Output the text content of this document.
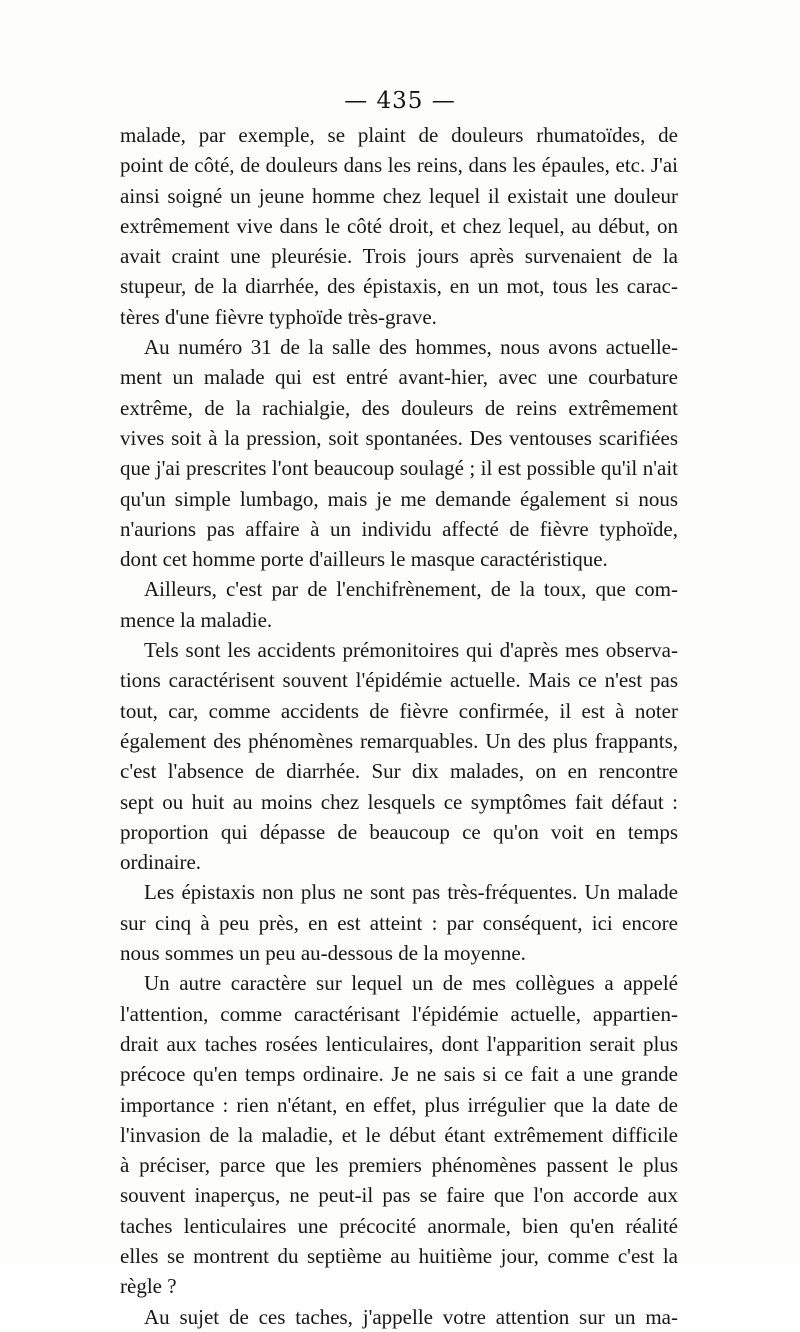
— 435 —
malade, par exemple, se plaint de douleurs rhumatoïdes, de
point de côté, de douleurs dans les reins, dans les épaules, etc. J'ai
ainsi soigné un jeune homme chez lequel il existait une douleur
extrêmement vive dans le côté droit, et chez lequel, au début, on
avait craint une pleurésie. Trois jours après survenaient de la
stupeur, de la diarrhée, des épistaxis, en un mot, tous les carac-
tères d'une fièvre typhoïde très-grave.
Au numéro 31 de la salle des hommes, nous avons actuelle-
ment un malade qui est entré avant-hier, avec une courbature
extrême, de la rachialgie, des douleurs de reins extrêmement
vives soit à la pression, soit spontanées. Des ventouses scarifiées
que j'ai prescrites l'ont beaucoup soulagé ; il est possible qu'il n'ait
qu'un simple lumbago, mais je me demande également si nous
n'aurions pas affaire à un individu affecté de fièvre typhoïde,
dont cet homme porte d'ailleurs le masque caractéristique.
Ailleurs, c'est par de l'enchifrènement, de la toux, que com-
mence la maladie.
Tels sont les accidents prémonitoires qui d'après mes observa-
tions caractérisent souvent l'épidémie actuelle. Mais ce n'est pas
tout, car, comme accidents de fièvre confirmée, il est à noter
également des phénomènes remarquables. Un des plus frappants,
c'est l'absence de diarrhée. Sur dix malades, on en rencontre
sept ou huit au moins chez lesquels ce symptômes fait défaut :
proportion qui dépasse de beaucoup ce qu'on voit en temps
ordinaire.
Les épistaxis non plus ne sont pas très-fréquentes. Un malade
sur cinq à peu près, en est atteint : par conséquent, ici encore
nous sommes un peu au-dessous de la moyenne.
Un autre caractère sur lequel un de mes collègues a appelé
l'attention, comme caractérisant l'épidémie actuelle, appartien-
drait aux taches rosées lenticulaires, dont l'apparition serait plus
précoce qu'en temps ordinaire. Je ne sais si ce fait a une grande
importance : rien n'étant, en effet, plus irrégulier que la date de
l'invasion de la maladie, et le début étant extrêmement difficile
à préciser, parce que les premiers phénomènes passent le plus
souvent inaperçus, ne peut-il pas se faire que l'on accorde aux
taches lenticulaires une précocité anormale, bien qu'en réalité
elles se montrent du septième au huitième jour, comme c'est la
règle ?
Au sujet de ces taches, j'appelle votre attention sur un ma-
